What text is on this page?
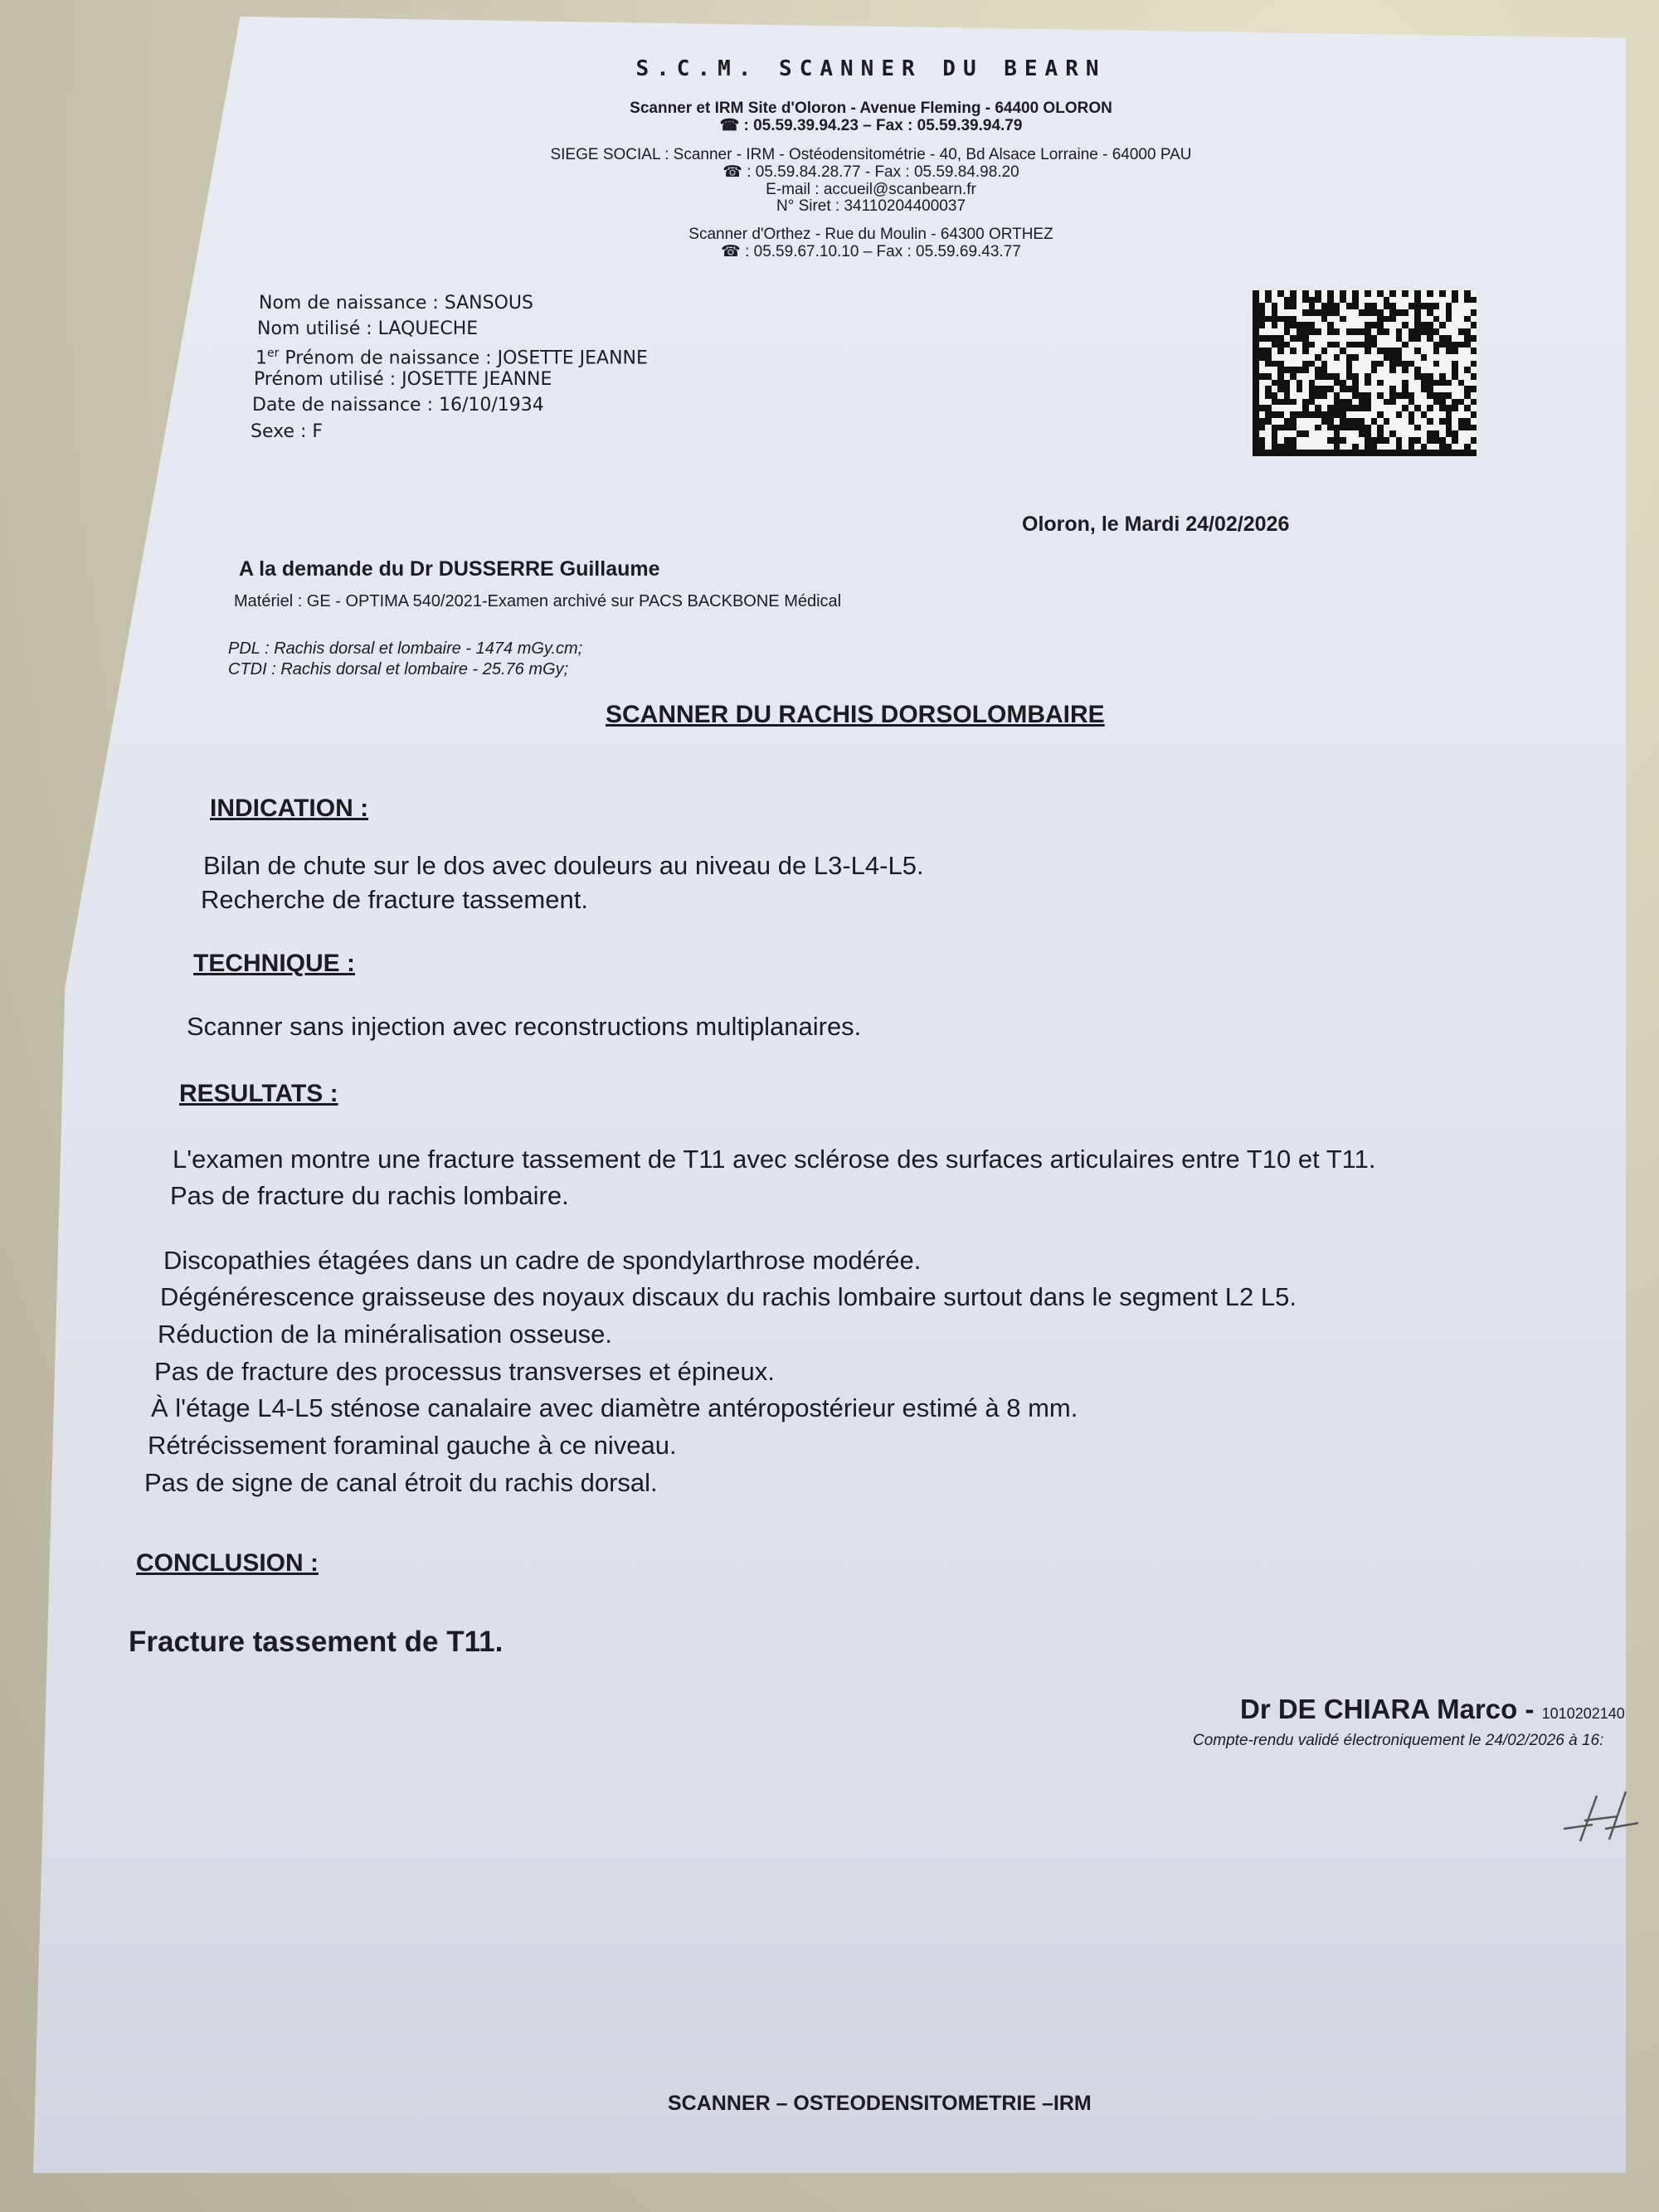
S.C.M. SCANNER DU BEARN
Scanner et IRM Site d'Oloron - Avenue Fleming - 64400 OLORON
☎ : 05.59.39.94.23 – Fax : 05.59.39.94.79
SIEGE SOCIAL : Scanner - IRM - Ostéodensitométrie - 40, Bd Alsace Lorraine - 64000 PAU
☎ : 05.59.84.28.77 - Fax : 05.59.84.98.20
E-mail : accueil@scanbearn.fr
N° Siret : 34110204400037
Scanner d'Orthez - Rue du Moulin - 64300 ORTHEZ
☎ : 05.59.67.10.10 – Fax : 05.59.69.43.77
Nom de naissance : SANSOUS
Nom utilisé : LAQUECHE
1er Prénom de naissance : JOSETTE JEANNE
Prénom utilisé : JOSETTE JEANNE
Date de naissance : 16/10/1934
Sexe : F
Oloron, le Mardi 24/02/2026
A la demande du Dr DUSSERRE Guillaume
Matériel : GE - OPTIMA 540/2021-Examen archivé sur PACS BACKBONE Médical
PDL : Rachis dorsal et lombaire - 1474 mGy.cm;
CTDI : Rachis dorsal et lombaire - 25.76 mGy;
SCANNER DU RACHIS DORSOLOMBAIRE
INDICATION :
Bilan de chute sur le dos avec douleurs au niveau de L3-L4-L5.
Recherche de fracture tassement.
TECHNIQUE :
Scanner sans injection avec reconstructions multiplanaires.
RESULTATS :
L'examen montre une fracture tassement de T11 avec sclérose des surfaces articulaires entre T10 et T11.
Pas de fracture du rachis lombaire.
Discopathies étagées dans un cadre de spondylarthrose modérée.
Dégénérescence graisseuse des noyaux discaux du rachis lombaire surtout dans le segment L2 L5.
Réduction de la minéralisation osseuse.
Pas de fracture des processus transverses et épineux.
À l'étage L4-L5 sténose canalaire avec diamètre antéropostérieur estimé à 8 mm.
Rétrécissement foraminal gauche à ce niveau.
Pas de signe de canal étroit du rachis dorsal.
CONCLUSION :
Fracture tassement de T11.
Dr DE CHIARA Marco - 1010202140
Compte-rendu validé électroniquement le 24/02/2026 à 16:
SCANNER – OSTEODENSITOMETRIE –IRM
